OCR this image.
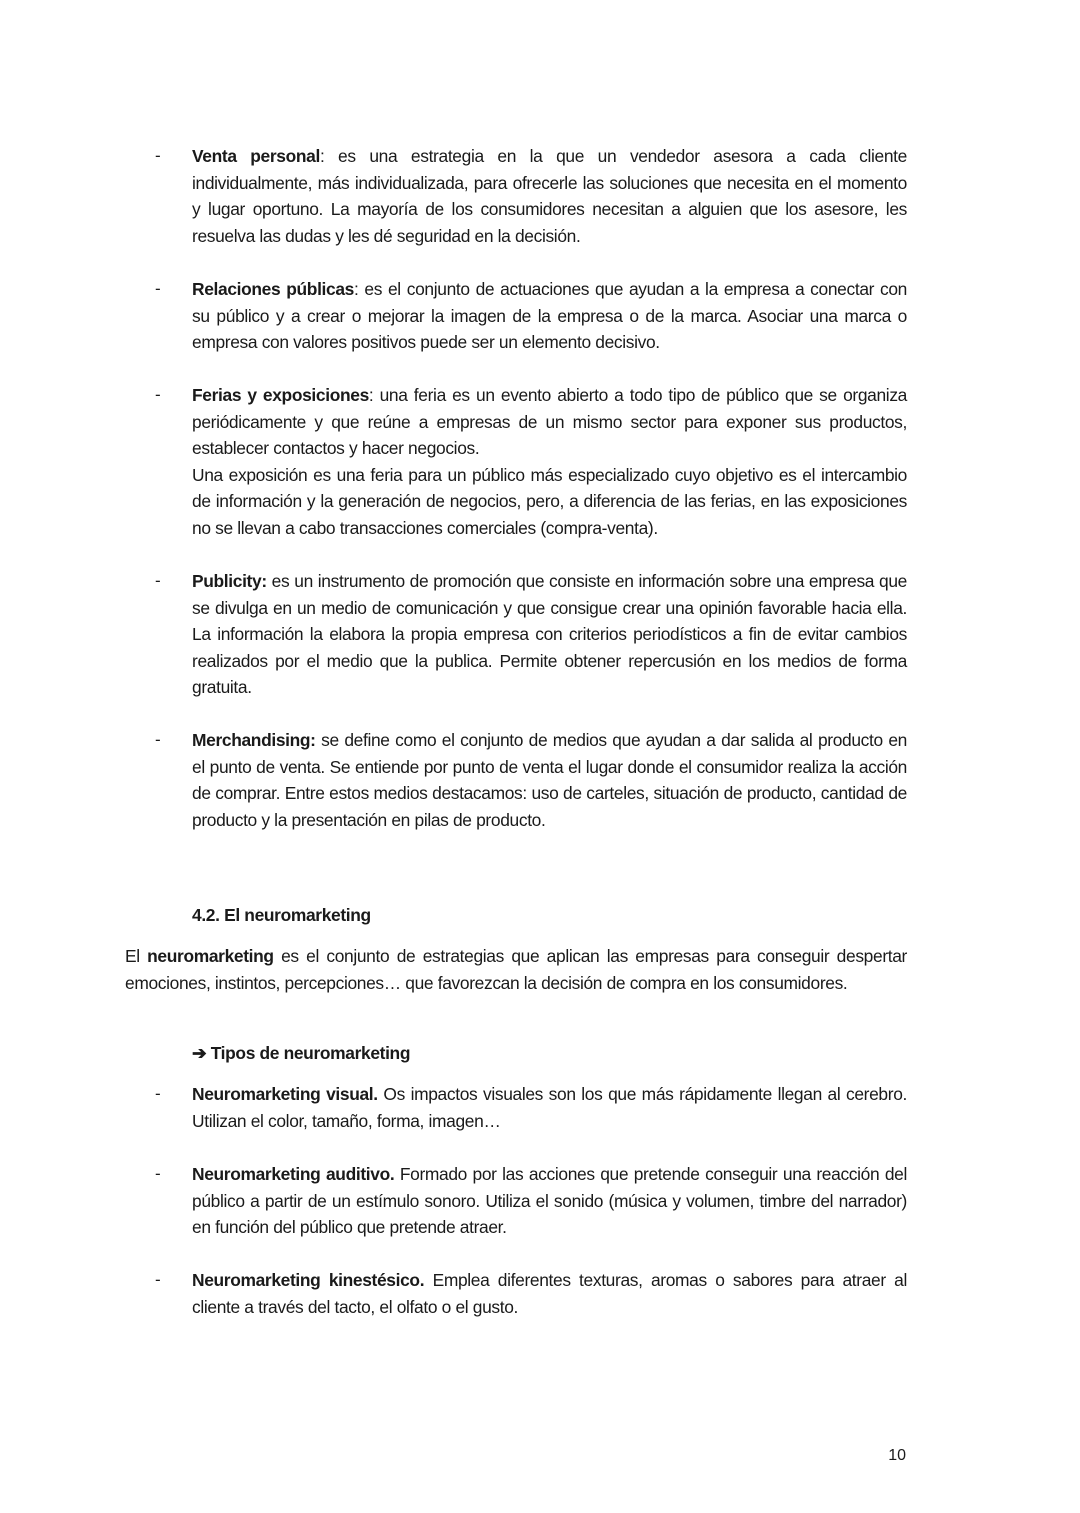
- Venta personal: es una estrategia en la que un vendedor asesora a cada cliente individualmente, más individualizada, para ofrecerle las soluciones que necesita en el momento y lugar oportuno. La mayoría de los consumidores necesitan a alguien que los asesore, les resuelva las dudas y les dé seguridad en la decisión.

- Relaciones públicas: es el conjunto de actuaciones que ayudan a la empresa a conectar con su público y a crear o mejorar la imagen de la empresa o de la marca. Asociar una marca o empresa con valores positivos puede ser un elemento decisivo.

- Ferias y exposiciones: una feria es un evento abierto a todo tipo de público que se organiza periódicamente y que reúne a empresas de un mismo sector para exponer sus productos, establecer contactos y hacer negocios.

Una exposición es una feria para un público más especializado cuyo objetivo es el intercambio de información y la generación de negocios, pero, a diferencia de las ferias, en las exposiciones no se llevan a cabo transacciones comerciales (compra-venta).

- Publicity: es un instrumento de promoción que consiste en información sobre una empresa que se divulga en un medio de comunicación y que consigue crear una opinión favorable hacia ella. La información la elabora la propia empresa con criterios periodísticos a fin de evitar cambios realizados por el medio que la publica. Permite obtener repercusión en los medios de forma gratuita.

- Merchandising: se define como el conjunto de medios que ayudan a dar salida al producto en el punto de venta. Se entiende por punto de venta el lugar donde el consumidor realiza la acción de comprar. Entre estos medios destacamos: uso de carteles, situación de producto, cantidad de producto y la presentación en pilas de producto.

4.2. El neuromarketing
El neuromarketing es el conjunto de estrategias que aplican las empresas para conseguir despertar emociones, instintos, percepciones… que favorezcan la decisión de compra en los consumidores.
➔ Tipos de neuromarketing
- Neuromarketing visual. Os impactos visuales son los que más rápidamente llegan al cerebro. Utilizan el color, tamaño, forma, imagen…

- Neuromarketing auditivo. Formado por las acciones que pretende conseguir una reacción del público a partir de un estímulo sonoro. Utiliza el sonido (música y volumen, timbre del narrador) en función del público que pretende atraer.

- Neuromarketing kinestésico. Emplea diferentes texturas, aromas o sabores para atraer al cliente a través del tacto, el olfato o el gusto.

10
